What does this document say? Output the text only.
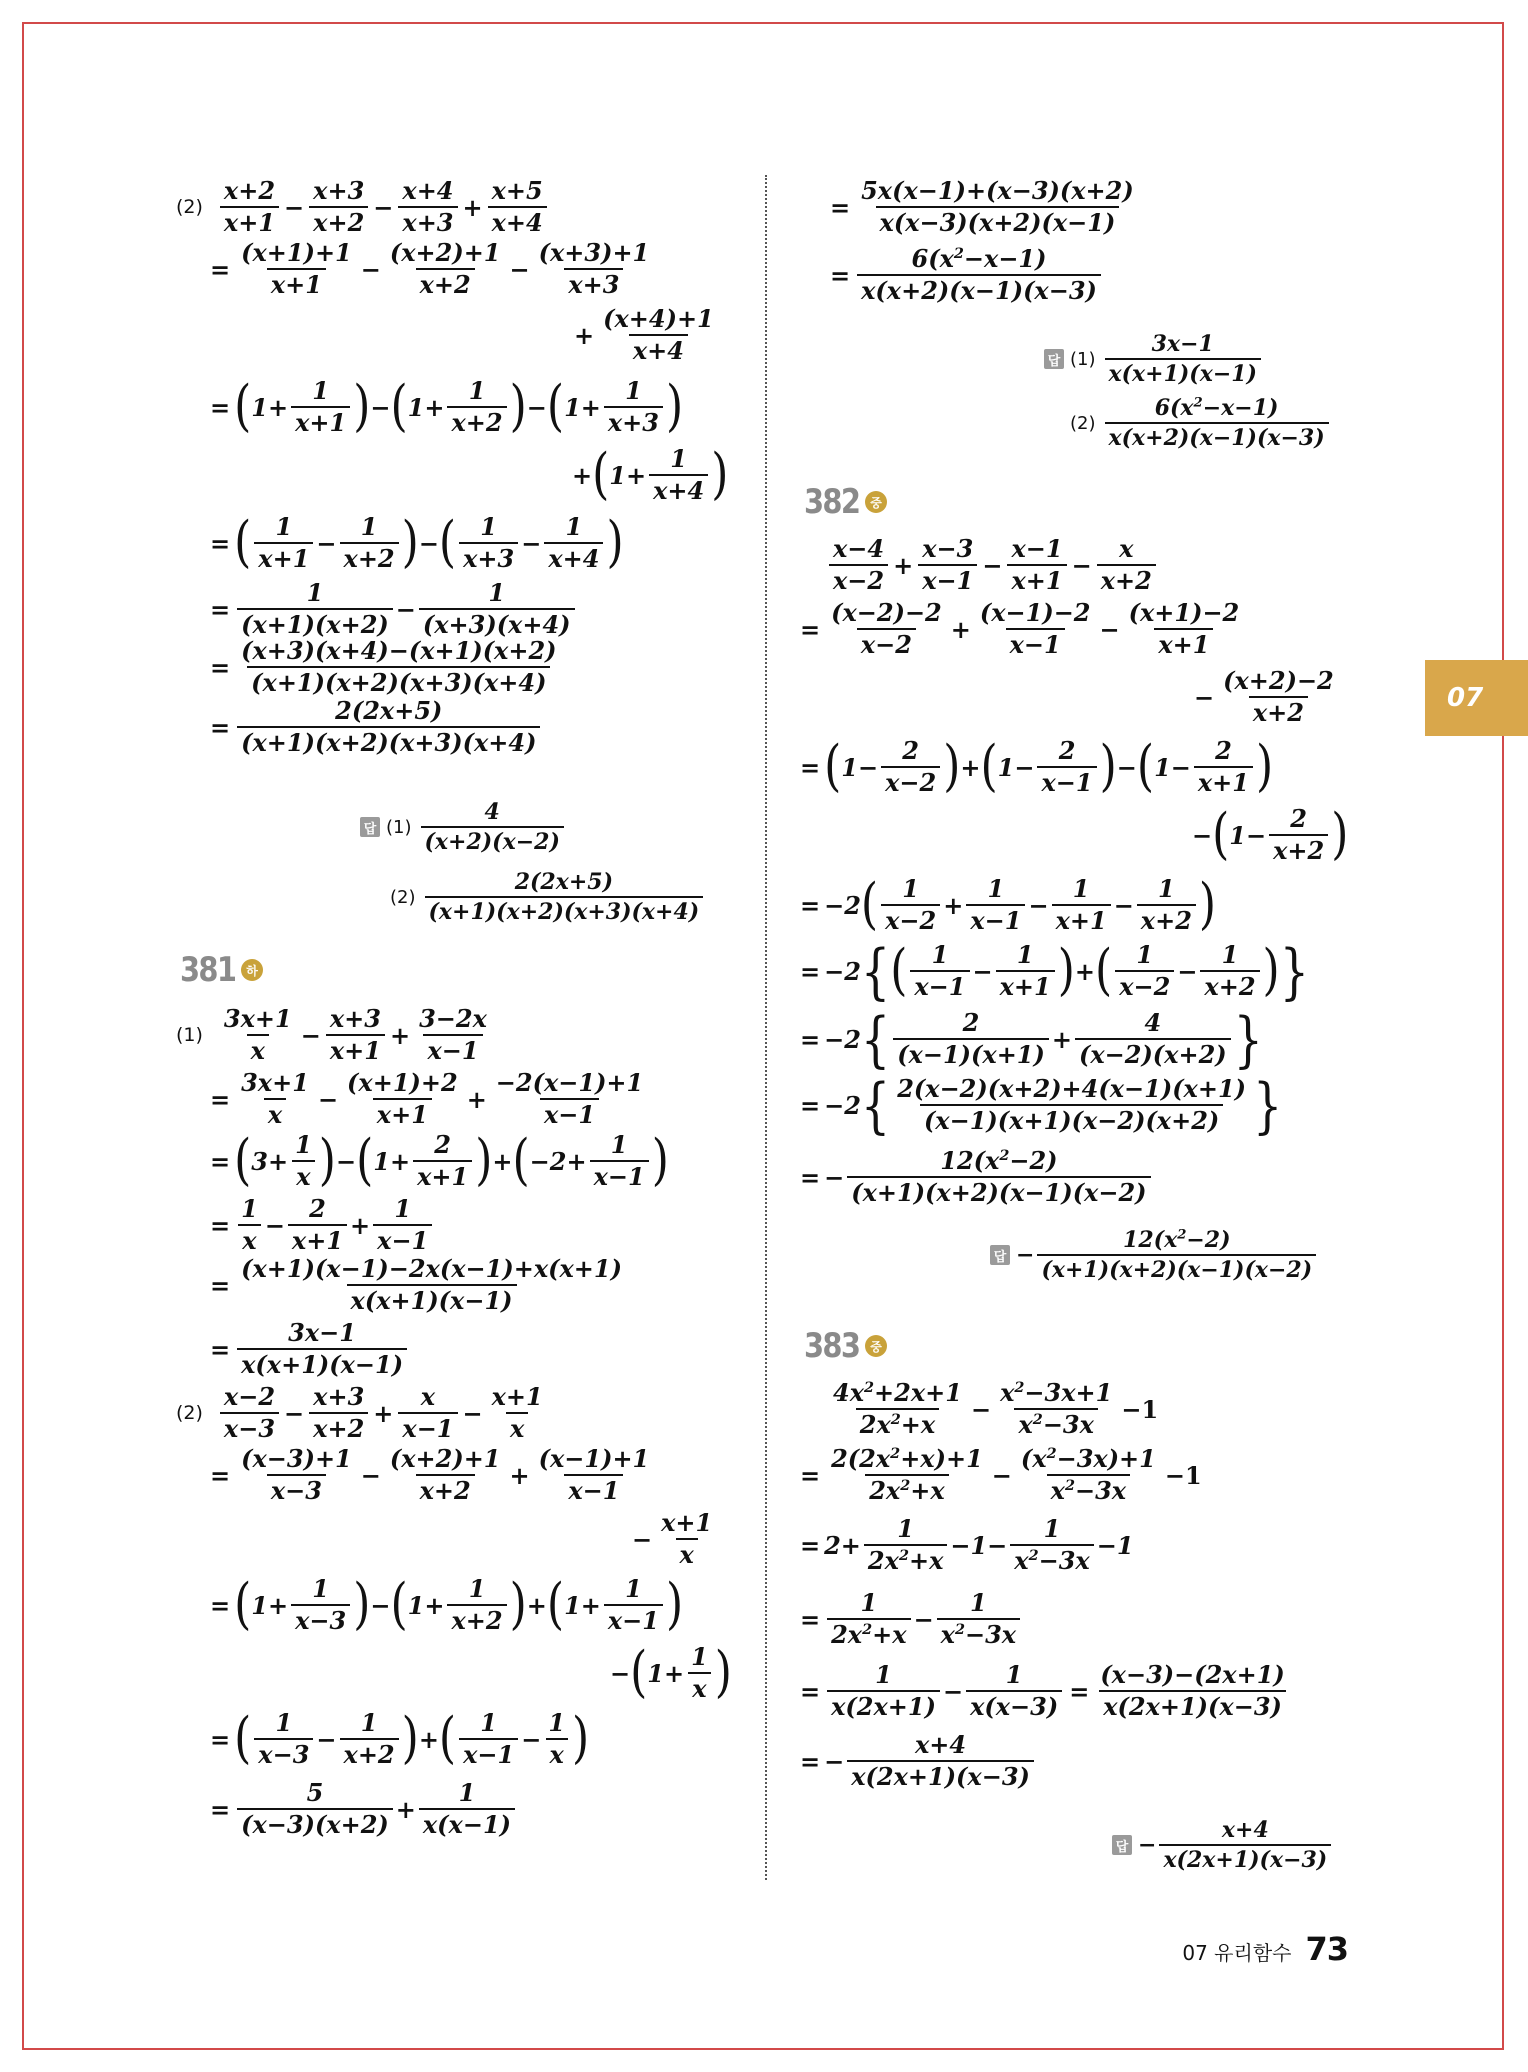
07
$(2) \frac{x+2}{x+1} - \frac{x+3}{x+2} - \frac{x+4}{x+3} + \frac{x+5}{x+4}$
= $\frac{(x+1)+1}{x+1} - \frac{(x+2)+1}{x+2} - \frac{(x+3)+1}{x+3}$
+ $\frac{(x+4)+1}{x+4}$
= ( $1+ \frac{1}{x+1}$ ) − ( $1+ \frac{1}{x+2}$ ) − ( $1+ \frac{1}{x+3}$ )
+ ( $1+ \frac{1}{x+4}$ )
= ( $\frac{1}{x+1} - \frac{1}{x+2}$ ) − ( $\frac{1}{x+3} - \frac{1}{x+4}$ )
= $\frac{1}{(x+1)(x+2)} - \frac{1}{(x+3)(x+4)}$
= $\frac{(x+3)(x+4)-(x+1)(x+2)}{(x+1)(x+2)(x+3)(x+4)}$
= $\frac{2(2x+5)}{(x+1)(x+2)(x+3)(x+4)}$
답 $(1) \frac{4}{(x+2)(x-2)}$
$(2) \frac{2(2x+5)}{(x+1)(x+2)(x+3)(x+4)}$
381 하
$(1) \frac{3x+1}{x} - \frac{x+3}{x+1} + \frac{3-2x}{x-1}$
= $\frac{3x+1}{x} - \frac{(x+1)+2}{x+1} + \frac{-2(x-1)+1}{x-1}$
= ( $3+ \frac{1}{x}$ ) − ( $1+ \frac{2}{x+1}$ ) + ( $-2+ \frac{1}{x-1}$ )
= $\frac{1}{x} - \frac{2}{x+1} + \frac{1}{x-1}$
= $\frac{(x+1)(x-1)-2x(x-1)+x(x+1)}{x(x+1)(x-1)}$
= $\frac{3x-1}{x(x+1)(x-1)}$
$(2) \frac{x-2}{x-3} - \frac{x+3}{x+2} + \frac{x}{x-1} - \frac{x+1}{x}$
= $\frac{(x-3)+1}{x-3} - \frac{(x+2)+1}{x+2} + \frac{(x-1)+1}{x-1}$
− $\frac{x+1}{x}$
= ( $1+ \frac{1}{x-3}$ ) − ( $1+ \frac{1}{x+2}$ ) + ( $1+ \frac{1}{x-1}$ )
− ( $1+ \frac{1}{x}$ )
= ( $\frac{1}{x-3} - \frac{1}{x+2}$ ) + ( $\frac{1}{x-1} - \frac{1}{x}$ )
= $\frac{5}{(x-3)(x+2)} + \frac{1}{x(x-1)}$
= $\frac{5x(x-1)+(x-3)(x+2)}{x(x-3)(x+2)(x-1)}$
= $\frac{6(x^2-x-1)}{x(x+2)(x-1)(x-3)}$
답 $(1) \frac{3x-1}{x(x+1)(x-1)}$
$(2) \frac{6(x^2-x-1)}{x(x+2)(x-1)(x-3)}$
382 중
$\frac{x-4}{x-2} + \frac{x-3}{x-1} - \frac{x-1}{x+1} - \frac{x}{x+2}$
= $\frac{(x-2)-2}{x-2} + \frac{(x-1)-2}{x-1} - \frac{(x+1)-2}{x+1}$
− $\frac{(x+2)-2}{x+2}$
= ( $1- \frac{2}{x-2}$ ) + ( $1- \frac{2}{x-1}$ ) − ( $1- \frac{2}{x+1}$ )
− ( $1- \frac{2}{x+2}$ )
= −2 ( $\frac{1}{x-2} + \frac{1}{x-1} - \frac{1}{x+1} - \frac{1}{x+2}$ )
= −2 { ( $\frac{1}{x-1} - \frac{1}{x+1}$ ) + ( $\frac{1}{x-2} - \frac{1}{x+2}$ ) }
= −2 { $\frac{2}{(x-1)(x+1)} + \frac{4}{(x-2)(x+2)}$ }
= −2 { $\frac{2(x-2)(x+2)+4(x-1)(x+1)}{(x-1)(x+1)(x-2)(x+2)}$ }
= − $\frac{12(x^2-2)}{(x+1)(x+2)(x-1)(x-2)}$
답 − $\frac{12(x^2-2)}{(x+1)(x+2)(x-1)(x-2)}$
383 중
$\frac{4x^2+2x+1}{2x^2+x} - \frac{x^2-3x+1}{x^2-3x} -1$
= $\frac{2(2x^2+x)+1}{2x^2+x} - \frac{(x^2-3x)+1}{x^2-3x} -1$
= $2+ \frac{1}{2x^2+x} -1- \frac{1}{x^2-3x} -1$
= $\frac{1}{2x^2+x} - \frac{1}{x^2-3x}$
= $\frac{1}{x(2x+1)} - \frac{1}{x(x-3)} = \frac{(x-3)-(2x+1)}{x(2x+1)(x-3)}$
= − $\frac{x+4}{x(2x+1)(x-3)}$
답 − $\frac{x+4}{x(2x+1)(x-3)}$
07 유리함수 73
